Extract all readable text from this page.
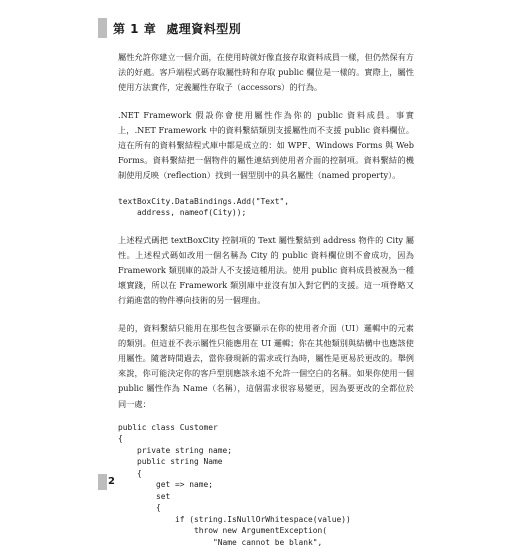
第 1 章 處理資料型別

屬性允許你建立一個介面，在使用時就好像直接存取資料成員一樣，但仍然保有方法的好處。客戶端程式碼存取屬性時和存取 public 欄位是一樣的。實際上，屬性使用方法實作，定義屬性存取子（accessors）的行為。

.NET Framework 假設你會使用屬性作為你的 public 資料成員。事實上，.NET Framework 中的資料繫結類別支援屬性而不支援 public 資料欄位。這在所有的資料繫結程式庫中都是成立的：如 WPF、Windows Forms 與 Web Forms。資料繫結把一個物件的屬性連結到使用者介面的控制項。資料繫結的機制使用反映（reflection）找到一個型別中的具名屬性（named property）。

textBoxCity.DataBindings.Add("Text",
address, nameof(City));

上述程式碼把 textBoxCity 控制項的 Text 屬性繫結到 address 物件的 City 屬性。上述程式碼如改用一個名稱為 City 的 public 資料欄位則不會成功，因為 Framework 類別庫的設計人不支援這種用法。使用 public 資料成員被視為一種壞實踐，所以在 Framework 類別庫中並沒有加入對它們的支援。這一項脊略又行銷進當的物件導向技術的另一個理由。

是的，資料繫結只能用在那些包含要顯示在你的使用者介面（UI）邏輯中的元素的類別。但這並不表示屬性只能應用在 UI 邏輯；你在其他類別與結構中也應該使用屬性。隨著時間過去，當你發現新的需求或行為時，屬性是更易於更改的。舉例來說，你可能決定你的客戶型別應該永遠不允許一個空白的名稱。如果你使用一個 public 屬性作為 Name（名稱），這個需求很容易變更，因為要更改的全都位於同一處：

public class Customer
{
private string name;
public string Name
{
get => name;
set
{
if (string.IsNullOrWhitespace(value))
throw new ArgumentException(
"Name cannot be blank",
2
